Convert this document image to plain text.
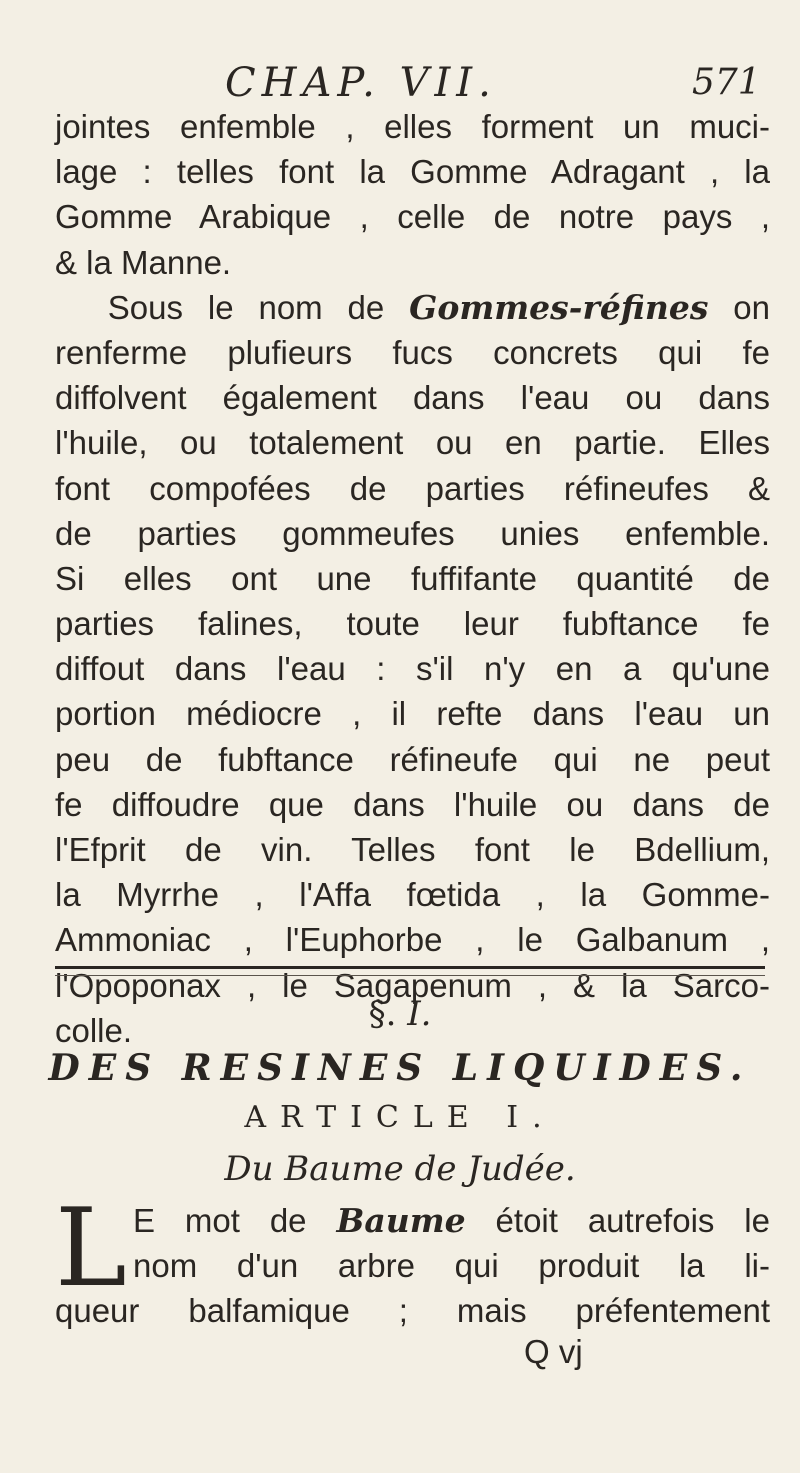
CHAP. VII.	571
jointes enfemble , elles forment un muci-
lage : telles font la Gomme Adragant , la
Gomme Arabique , celle de notre pays ,
& la Manne.
Sous le nom de Gommes-réfines on
renferme plufieurs fucs concrets qui fe
diffolvent également dans l'eau ou dans
l'huile, ou totalement ou en partie. Elles
font compofées de parties réfineufes &
de parties gommeufes unies enfemble.
Si elles ont une fuffifante quantité de
parties falines, toute leur fubftance fe
diffout dans l'eau : s'il n'y en a qu'une
portion médiocre , il refte dans l'eau un
peu de fubftance réfineufe qui ne peut
fe diffoudre que dans l'huile ou dans de
l'Efprit de vin. Telles font le Bdellium,
la Myrrhe , l'Affa fœtida , la Gomme-
Ammoniac , l'Euphorbe , le Galbanum ,
l'Opoponax , le Sagapenum , & la Sarco-
colle.	§. I.
DES RESINES LIQUIDES.
ARTICLE I.
Du Baume de Judée.
L E mot de Baume étoit autrefois le
nom d'un arbre qui produit la li-
queur balfamique ; mais préfentement
Q vj
